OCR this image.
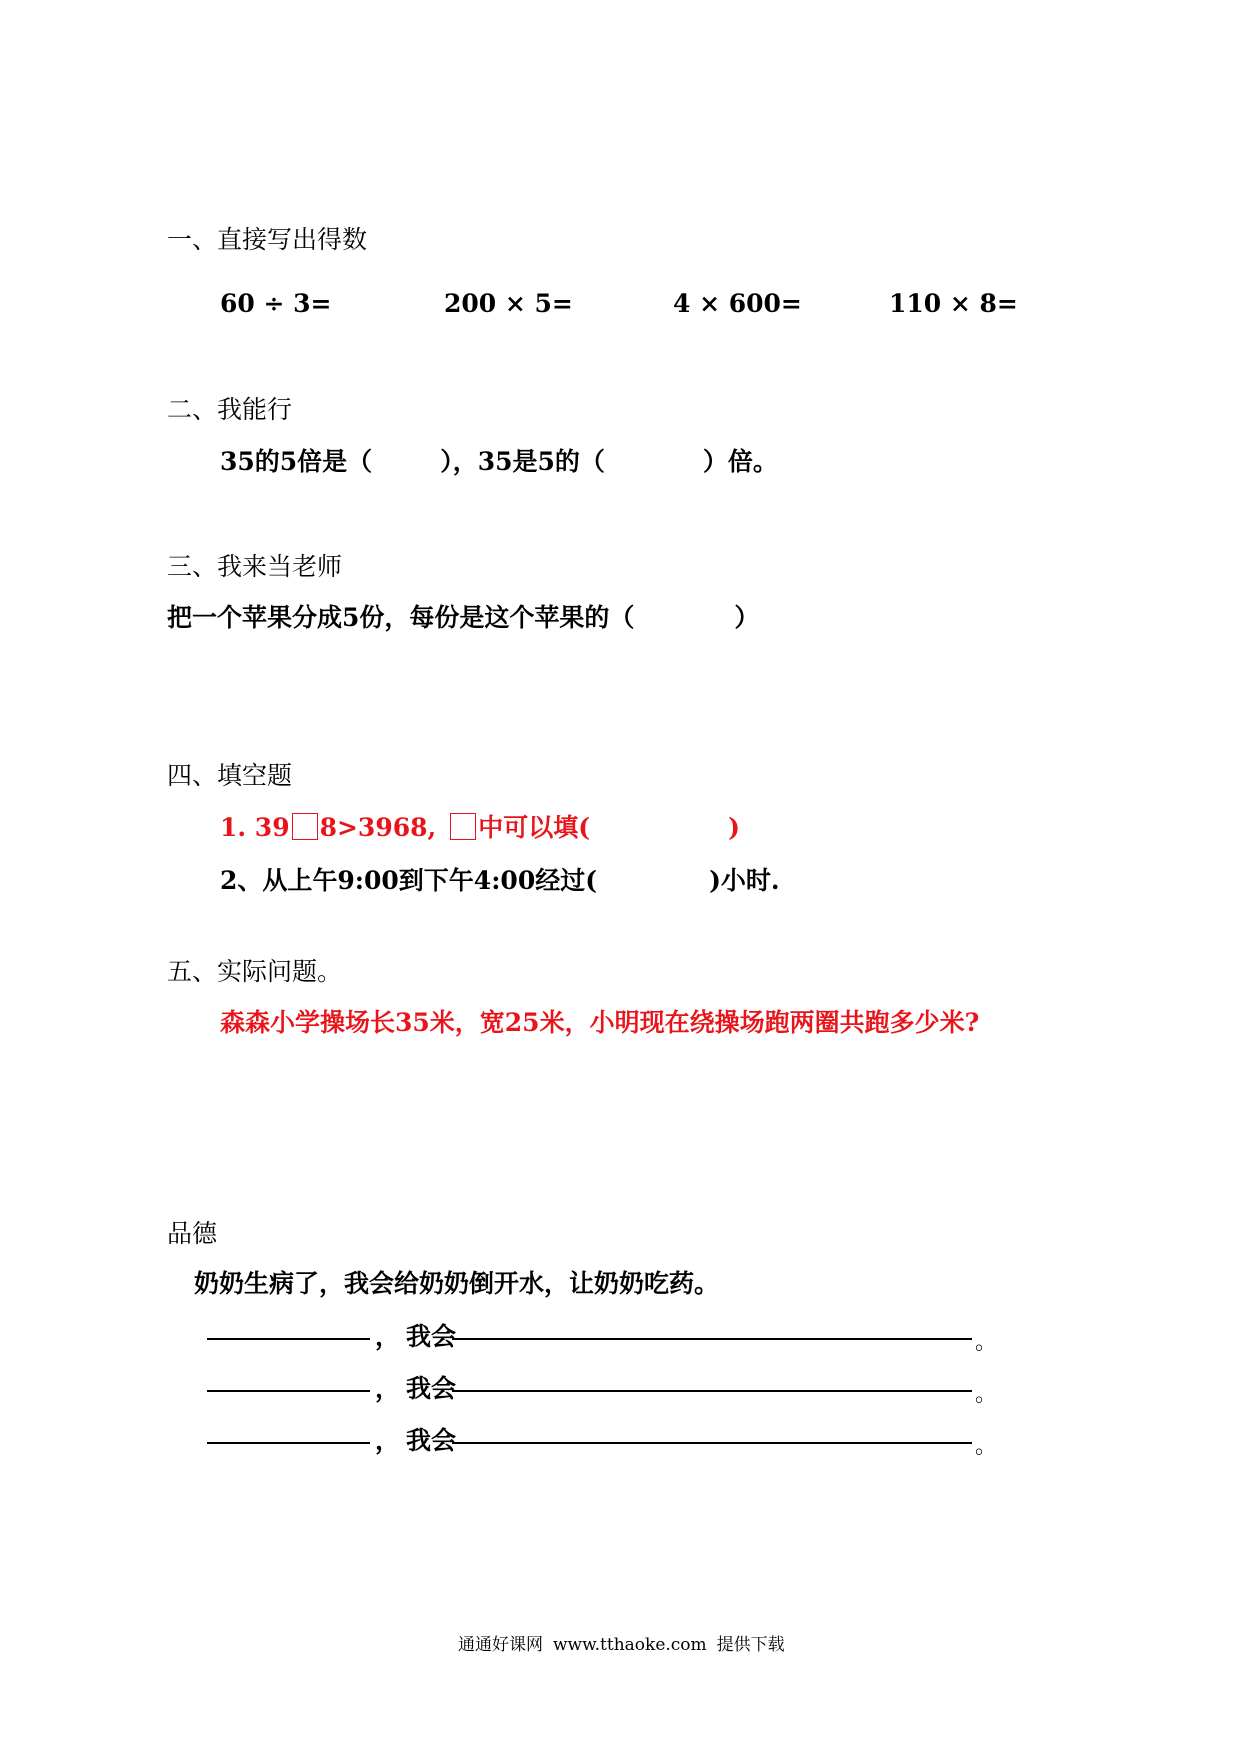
一、直接写出得数
60 ÷ 3=	200 × 5=	4 × 600=	110 × 8=
二、我能行
35的5倍是（	），35是5的（	）倍。
三、我来当老师
把一个苹果分成5份，每份是这个苹果的（	）
四、填空题
1. 39 8>3968, 中可以填(	)
2、从上午9:00到下午4:00经过(	)小时.
五、实际问题。
森森小学操场长35米，宽25米，小明现在绕操场跑两圈共跑多少米?
品德
奶奶生病了，我会给奶奶倒开水，让奶奶吃药。
， 我会	。
， 我会	。
， 我会	。
通通好课网 www.tthaoke.com 提供下载
